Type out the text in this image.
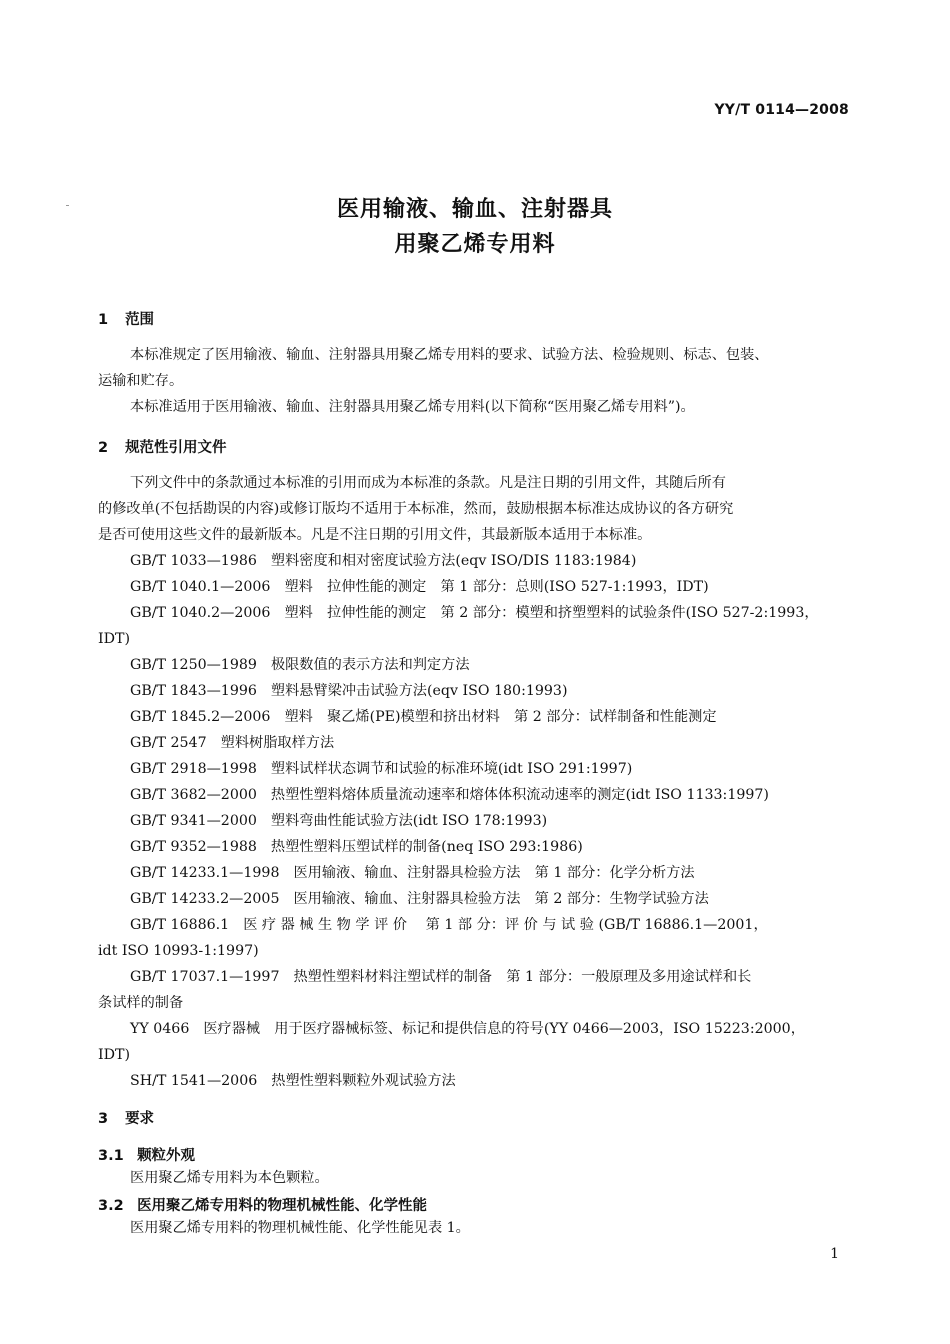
YY/T 0114—2008
医用输液、输血、注射器具
用聚乙烯专用料
1 范围
本标准规定了医用输液、输血、注射器具用聚乙烯专用料的要求、试验方法、检验规则、标志、包装、
运输和贮存。
本标准适用于医用输液、输血、注射器具用聚乙烯专用料(以下简称“医用聚乙烯专用料”)。
2 规范性引用文件
下列文件中的条款通过本标准的引用而成为本标准的条款。凡是注日期的引用文件，其随后所有
的修改单(不包括勘误的内容)或修订版均不适用于本标准，然而，鼓励根据本标准达成协议的各方研究
是否可使用这些文件的最新版本。凡是不注日期的引用文件，其最新版本适用于本标准。
GB/T 1033—1986 塑料密度和相对密度试验方法(eqv ISO/DIS 1183:1984)
GB/T 1040.1—2006 塑料　拉伸性能的测定　第 1 部分：总则(ISO 527-1:1993，IDT)
GB/T 1040.2—2006 塑料　拉伸性能的测定　第 2 部分：模塑和挤塑塑料的试验条件(ISO 527-2:1993，
IDT)
GB/T 1250—1989 极限数值的表示方法和判定方法
GB/T 1843—1996 塑料悬臂梁冲击试验方法(eqv ISO 180:1993)
GB/T 1845.2—2006 塑料　聚乙烯(PE)模塑和挤出材料　第 2 部分：试样制备和性能测定
GB/T 2547 塑料树脂取样方法
GB/T 2918—1998 塑料试样状态调节和试验的标准环境(idt ISO 291:1997)
GB/T 3682—2000 热塑性塑料熔体质量流动速率和熔体体积流动速率的测定(idt ISO 1133:1997)
GB/T 9341—2000 塑料弯曲性能试验方法(idt ISO 178:1993)
GB/T 9352—1988 热塑性塑料压塑试样的制备(neq ISO 293:1986)
GB/T 14233.1—1998 医用输液、输血、注射器具检验方法　第 1 部分：化学分析方法
GB/T 14233.2—2005 医用输液、输血、注射器具检验方法　第 2 部分：生物学试验方法
GB/T 16886.1 医 疗 器 械 生 物 学 评 价　 第 1 部 分：评 价 与 试 验 (GB/T 16886.1—2001，
idt ISO 10993-1:1997)
GB/T 17037.1—1997 热塑性塑料材料注塑试样的制备　第 1 部分：一般原理及多用途试样和长
条试样的制备
YY 0466 医疗器械　用于医疗器械标签、标记和提供信息的符号(YY 0466—2003，ISO 15223:2000，
IDT)
SH/T 1541—2006 热塑性塑料颗粒外观试验方法
3 要求
3.1 颗粒外观
医用聚乙烯专用料为本色颗粒。
3.2 医用聚乙烯专用料的物理机械性能、化学性能
医用聚乙烯专用料的物理机械性能、化学性能见表 1。
1
